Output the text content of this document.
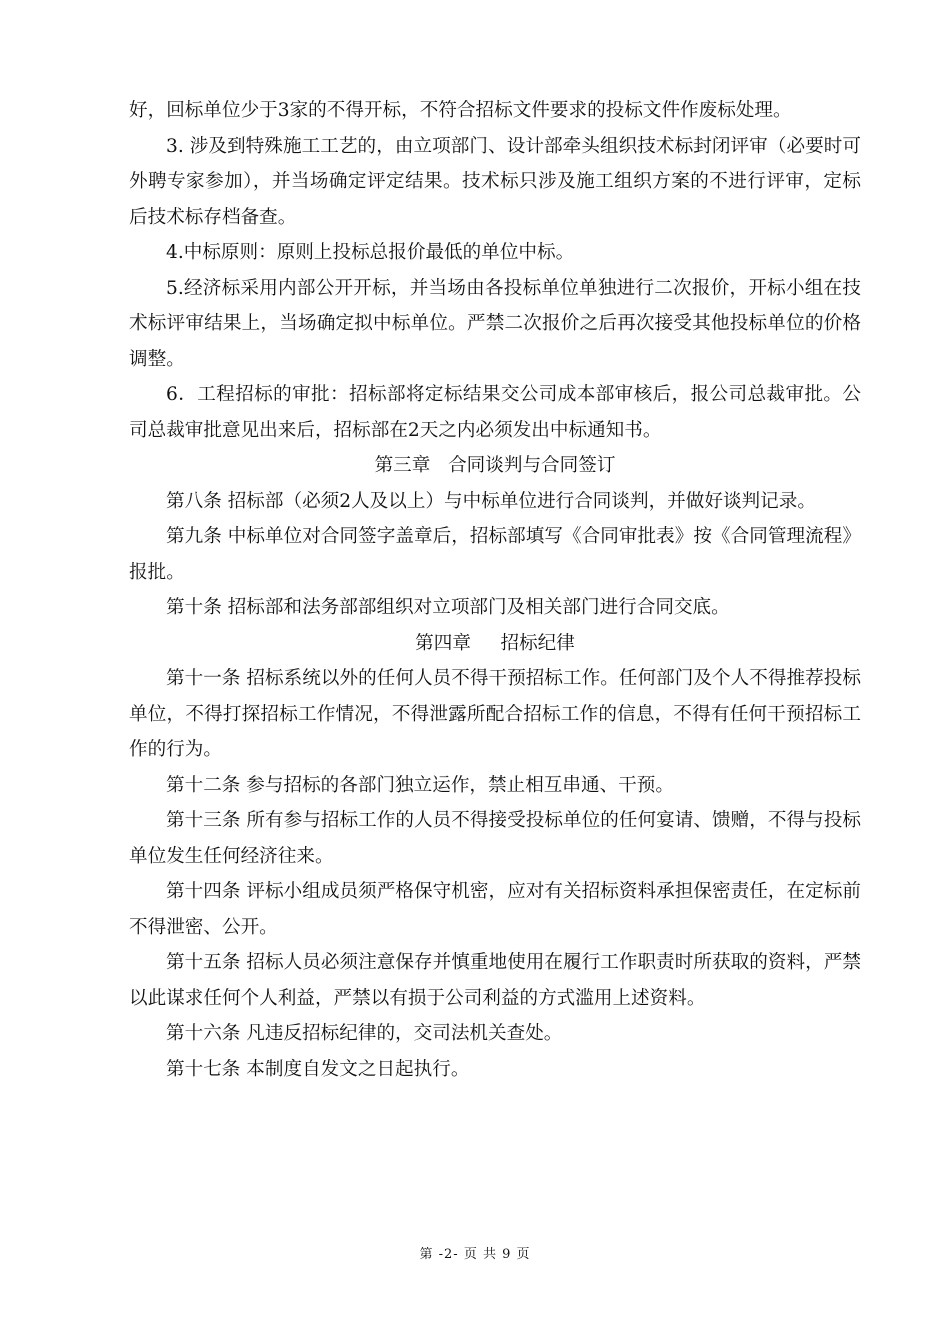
好，回标单位少于3家的不得开标，不符合招标文件要求的投标文件作废标处理。

3. 涉及到特殊施工工艺的，由立项部门、设计部牵头组织技术标封闭评审（必要时可外聘专家参加），并当场确定评定结果。技术标只涉及施工组织方案的不进行评审，定标后技术标存档备查。

4.中标原则：原则上投标总报价最低的单位中标。

5.经济标采用内部公开开标，并当场由各投标单位单独进行二次报价，开标小组在技术标评审结果上，当场确定拟中标单位。严禁二次报价之后再次接受其他投标单位的价格调整。

6．工程招标的审批：招标部将定标结果交公司成本部审核后，报公司总裁审批。公司总裁审批意见出来后，招标部在2天之内必须发出中标通知书。

第三章   合同谈判与合同签订

第八条 招标部（必须2人及以上）与中标单位进行合同谈判，并做好谈判记录。

第九条 中标单位对合同签字盖章后，招标部填写《合同审批表》按《合同管理流程》报批。

第十条 招标部和法务部部组织对立项部门及相关部门进行合同交底。

第四章     招标纪律

第十一条 招标系统以外的任何人员不得干预招标工作。任何部门及个人不得推荐投标单位，不得打探招标工作情况，不得泄露所配合招标工作的信息，不得有任何干预招标工作的行为。

第十二条 参与招标的各部门独立运作，禁止相互串通、干预。

第十三条 所有参与招标工作的人员不得接受投标单位的任何宴请、馈赠，不得与投标单位发生任何经济往来。

第十四条 评标小组成员须严格保守机密，应对有关招标资料承担保密责任，在定标前不得泄密、公开。

第十五条 招标人员必须注意保存并慎重地使用在履行工作职责时所获取的资料，严禁以此谋求任何个人利益，严禁以有损于公司利益的方式滥用上述资料。

第十六条 凡违反招标纪律的，交司法机关查处。

第十七条 本制度自发文之日起执行。

第 -2- 页 共 9 页
